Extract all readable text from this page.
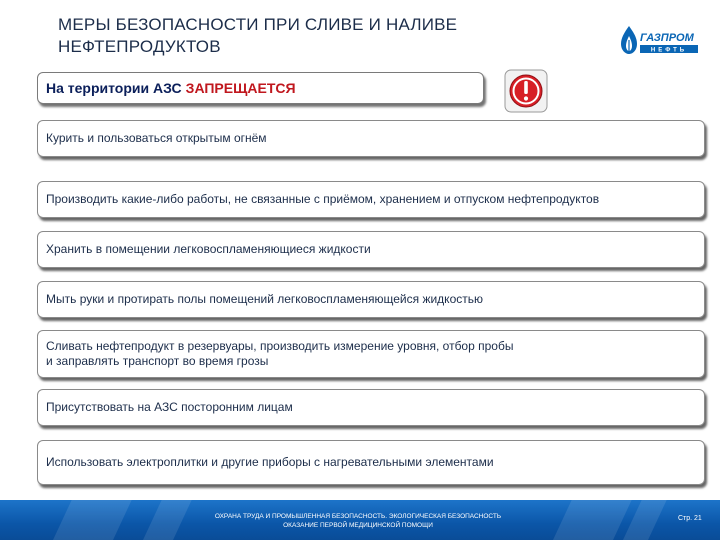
МЕРЫ БЕЗОПАСНОСТИ ПРИ СЛИВЕ И НАЛИВЕ
НЕФТЕПРОДУКТОВ	ГАЗПРОМ
НЕФТЬ
На территории АЗС ЗАПРЕЩАЕТСЯ
Курить и пользоваться открытым огнём
Производить какие-либо работы, не связанные с приёмом, хранением и отпуском нефтепродуктов
Хранить в помещении легковоспламеняющиеся жидкости
Мыть руки и протирать полы помещений легковоспламеняющейся жидкостью
Сливать нефтепродукт в резервуары, производить измерение уровня, отбор пробы
и заправлять транспорт во время грозы
Присутствовать на АЗС посторонним лицам
Использовать электроплитки и другие приборы с нагревательными элементами
ОХРАНА ТРУДА И ПРОМЫШЛЕННАЯ БЕЗОПАСНОСТЬ. ЭКОЛОГИЧЕСКАЯ БЕЗОПАСНОСТЬ
ОКАЗАНИЕ ПЕРВОЙ МЕДИЦИНСКОЙ ПОМОЩИ
Стр. 21
